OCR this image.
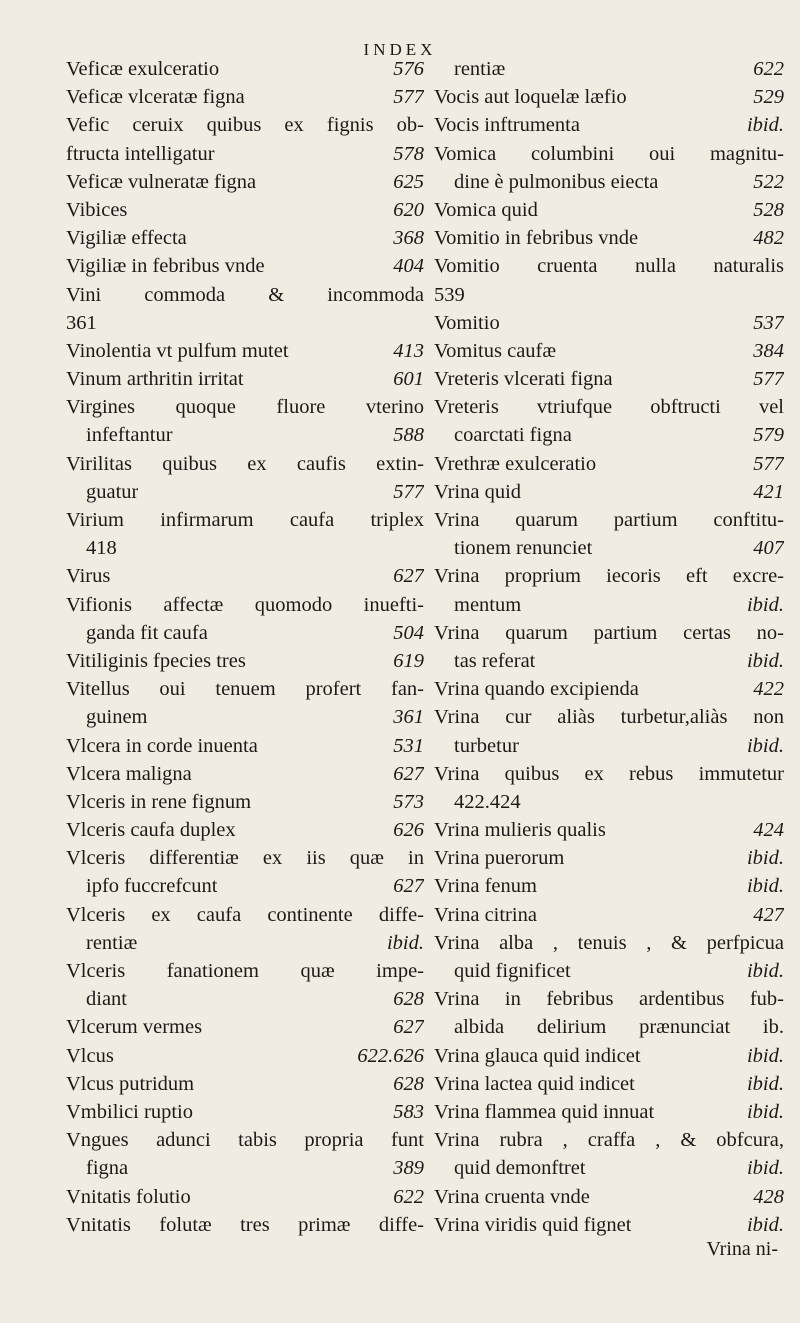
INDEX
Veficæ exulceratio	576
Veficæ vlceratæ figna	577
Vefic ceruix quibus ex fignis ob-
ftructa intelligatur	578
Veficæ vulneratæ figna	625
Vibices	620
Vigiliæ effecta	368
Vigiliæ in febribus vnde	404
Vini commoda & incommoda
361
Vinolentia vt pulfum mutet	413
Vinum arthritin irritat	601
Virgines quoque fluore vterino
infeftantur	588
Virilitas quibus ex caufis extin-
guatur	577
Virium infirmarum caufa triplex
418
Virus	627
Vifionis affectæ quomodo inuefti-
ganda fit caufa	504
Vitiliginis fpecies tres	619
Vitellus oui tenuem profert fan-
guinem	361
Vlcera in corde inuenta	531
Vlcera maligna	627
Vlceris in rene fignum	573
Vlceris caufa duplex	626
Vlceris differentiæ ex iis quæ in
ipfo fuccrefcunt	627
Vlceris ex caufa continente diffe-
rentiæ	ibid.
Vlceris fanationem quæ impe-
diant	628
Vlcerum vermes	627
Vlcus	622.626
Vlcus putridum	628
Vmbilici ruptio	583
Vngues adunci tabis propria funt
figna	389
Vnitatis folutio	622
Vnitatis folutæ tres primæ diffe-
rentiæ	622
Vocis aut loquelæ læfio	529
Vocis inftrumenta	ibid.
Vomica columbini oui magnitu-
dine è pulmonibus eiecta	522
Vomica quid	528
Vomitio in febribus vnde	482
Vomitio cruenta nulla naturalis
539
Vomitio	537
Vomitus caufæ	384
Vreteris vlcerati figna	577
Vreteris vtriufque obftructi vel
coarctati figna	579
Vrethræ exulceratio	577
Vrina quid	421
Vrina quarum partium conftitu-
tionem renunciet	407
Vrina proprium iecoris eft excre-
mentum	ibid.
Vrina quarum partium certas no-
tas referat	ibid.
Vrina quando excipienda	422
Vrina cur aliàs turbetur,aliàs non
turbetur	ibid.
Vrina quibus ex rebus immutetur
422.424
Vrina mulieris qualis	424
Vrina puerorum	ibid.
Vrina fenum	ibid.
Vrina citrina	427
Vrina alba , tenuis , & perfpicua
quid fignificet	ibid.
Vrina in febribus ardentibus fub-
albida delirium prænunciat ib.
Vrina glauca quid indicet	ibid.
Vrina lactea quid indicet	ibid.
Vrina flammea quid innuat	ibid.
Vrina rubra , craffa , & obfcura,
quid demonftret	ibid.
Vrina cruenta vnde	428
Vrina viridis quid fignet	ibid.
Vrina ni-
